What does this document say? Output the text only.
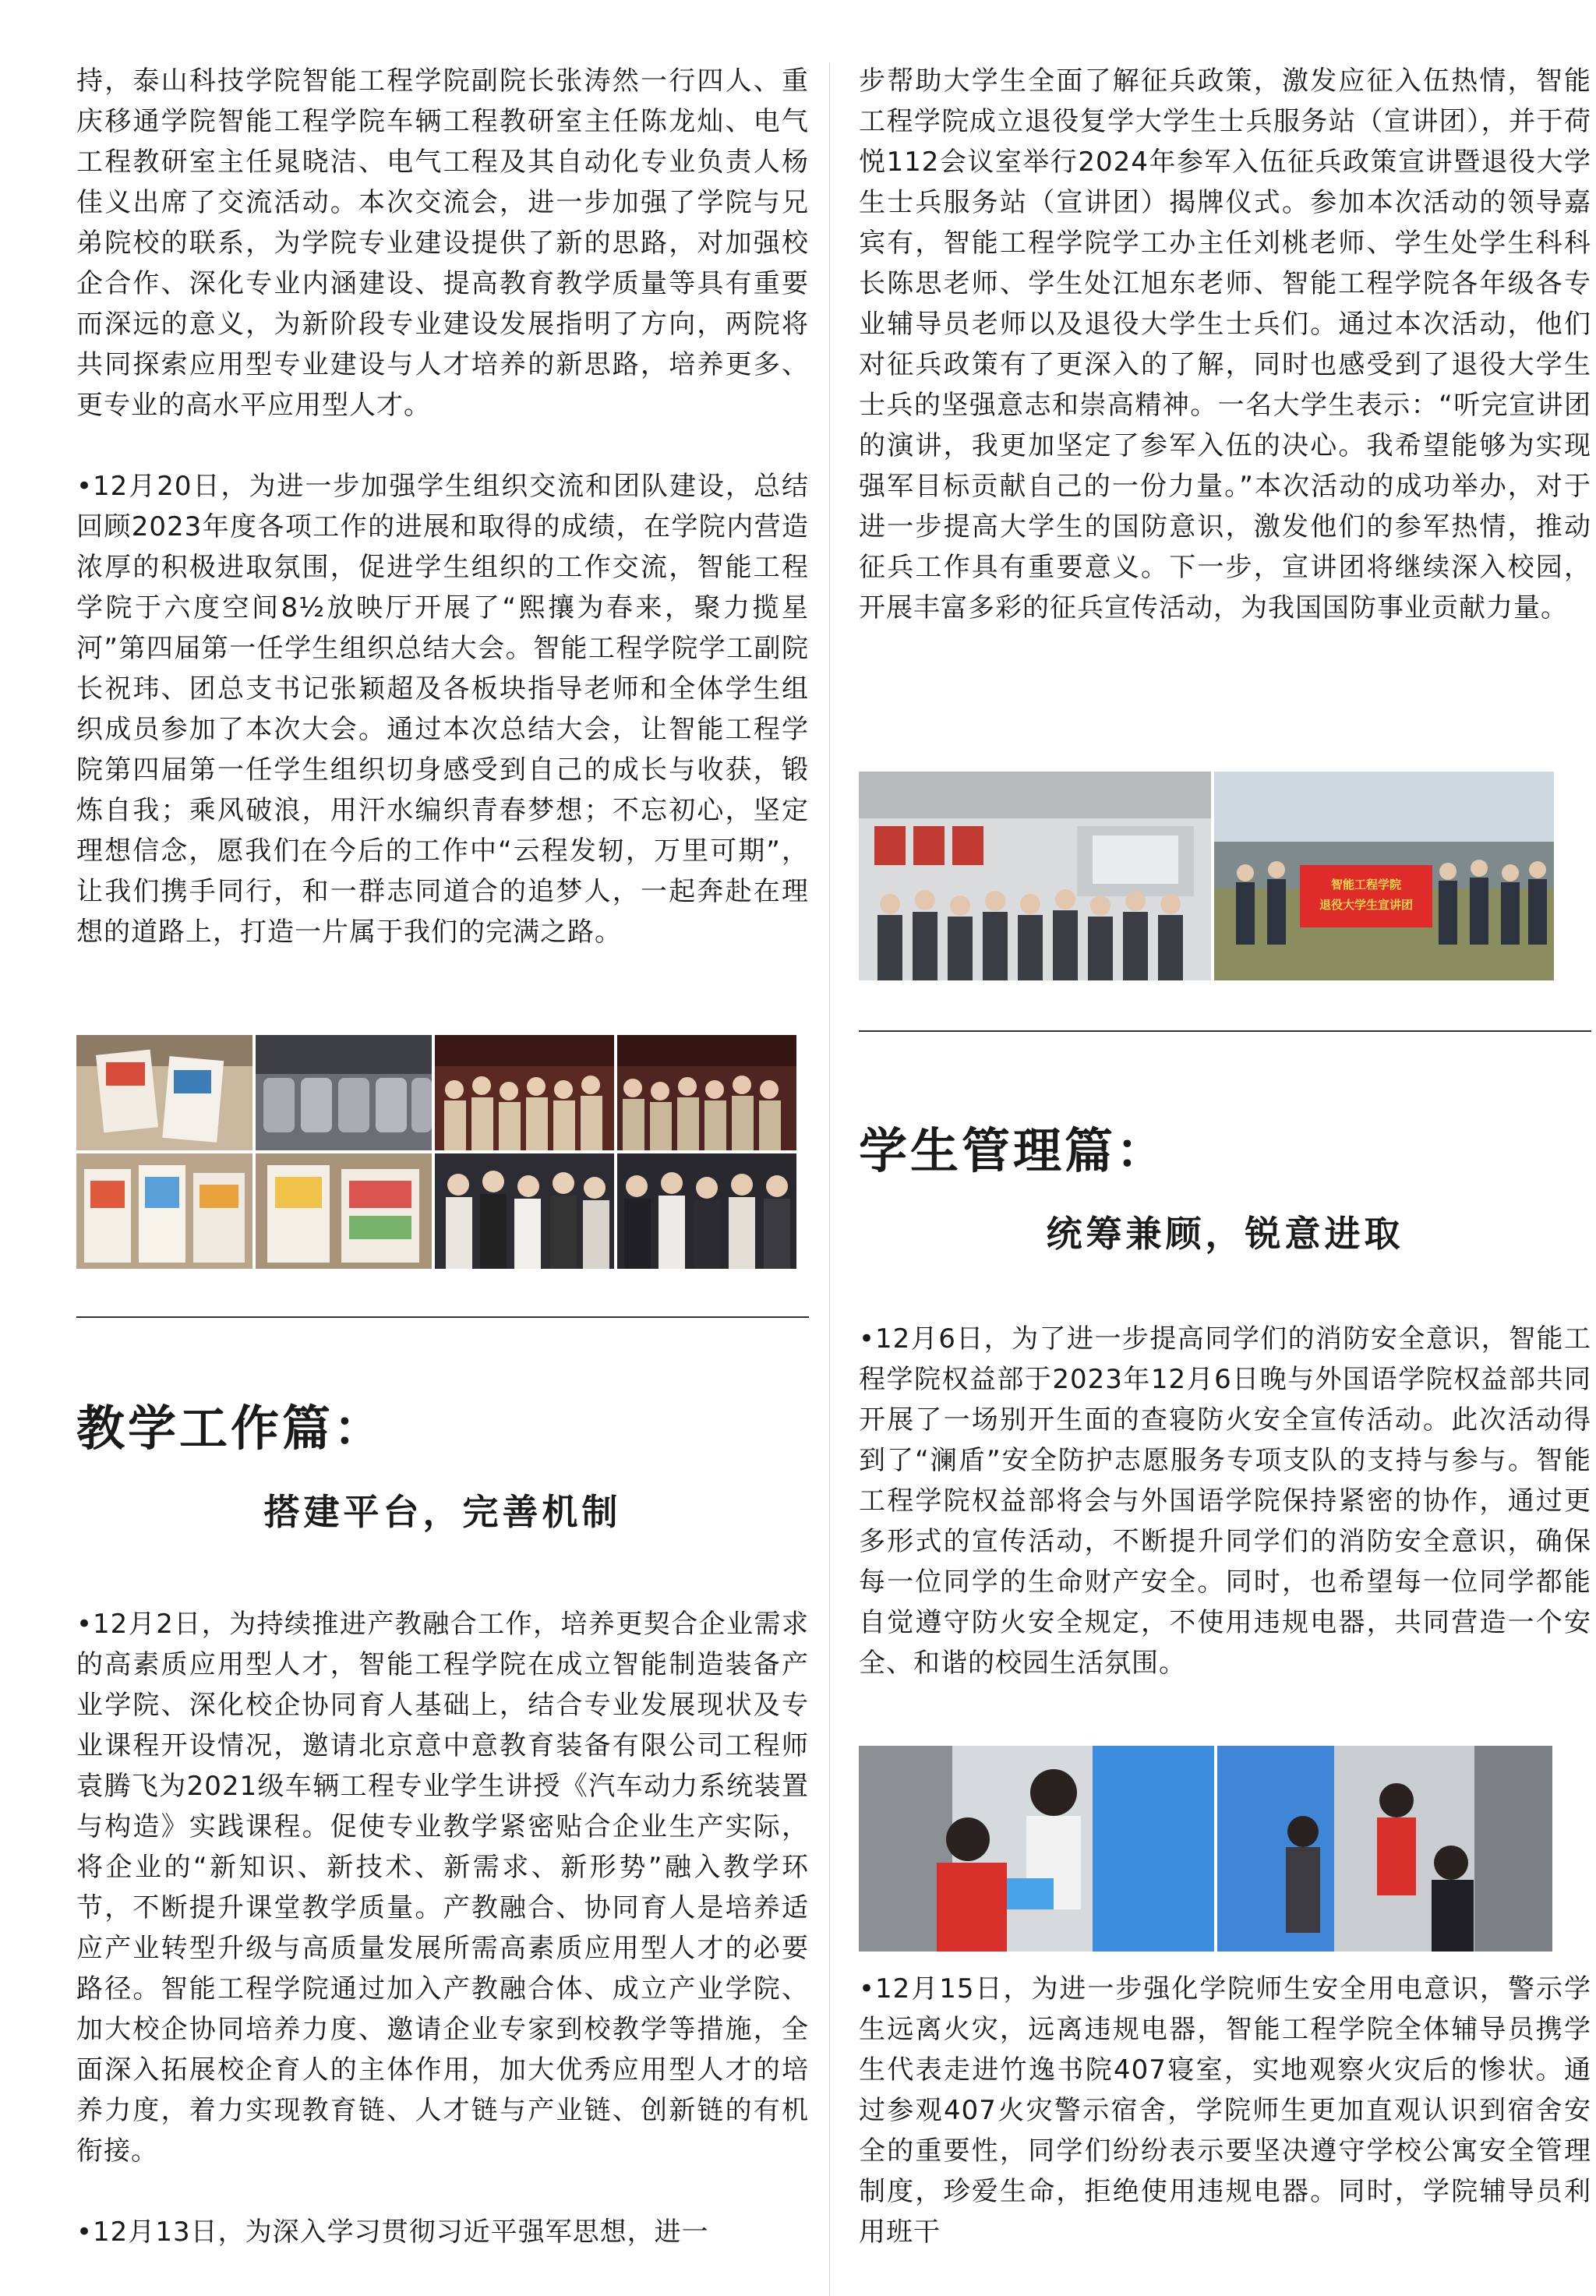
持，泰山科技学院智能工程学院副院长张涛然一行四人、重庆移通学院智能工程学院车辆工程教研室主任陈龙灿、电气工程教研室主任晁晓洁、电气工程及其自动化专业负责人杨佳义出席了交流活动。本次交流会，进一步加强了学院与兄弟院校的联系，为学院专业建设提供了新的思路，对加强校企合作、深化专业内涵建设、提高教育教学质量等具有重要而深远的意义，为新阶段专业建设发展指明了方向，两院将共同探索应用型专业建设与人才培养的新思路，培养更多、更专业的高水平应用型人才。

•12月20日，为进一步加强学生组织交流和团队建设，总结回顾2023年度各项工作的进展和取得的成绩，在学院内营造浓厚的积极进取氛围，促进学生组织的工作交流，智能工程学院于六度空间8½放映厅开展了“熙攘为春来，聚力揽星河”第四届第一任学生组织总结大会。智能工程学院学工副院长祝玮、团总支书记张颖超及各板块指导老师和全体学生组织成员参加了本次大会。通过本次总结大会，让智能工程学院第四届第一任学生组织切身感受到自己的成长与收获，锻炼自我；乘风破浪，用汗水编织青春梦想；不忘初心，坚定理想信念，愿我们在今后的工作中“云程发轫，万里可期”，让我们携手同行，和一群志同道合的追梦人，一起奔赴在理想的道路上，打造一片属于我们的完满之路。

教学工作篇：
搭建平台，完善机制

•12月2日，为持续推进产教融合工作，培养更契合企业需求的高素质应用型人才，智能工程学院在成立智能制造装备产业学院、深化校企协同育人基础上，结合专业发展现状及专业课程开设情况，邀请北京意中意教育装备有限公司工程师袁腾飞为2021级车辆工程专业学生讲授《汽车动力系统装置与构造》实践课程。促使专业教学紧密贴合企业生产实际，将企业的“新知识、新技术、新需求、新形势”融入教学环节，不断提升课堂教学质量。产教融合、协同育人是培养适应产业转型升级与高质量发展所需高素质应用型人才的必要路径。智能工程学院通过加入产教融合体、成立产业学院、加大校企协同培养力度、邀请企业专家到校教学等措施，全面深入拓展校企育人的主体作用，加大优秀应用型人才的培养力度，着力实现教育链、人才链与产业链、创新链的有机衔接。

•12月13日，为深入学习贯彻习近平强军思想，进一

步帮助大学生全面了解征兵政策，激发应征入伍热情，智能工程学院成立退役复学大学生士兵服务站（宣讲团），并于荷悦112会议室举行2024年参军入伍征兵政策宣讲暨退役大学生士兵服务站（宣讲团）揭牌仪式。参加本次活动的领导嘉宾有，智能工程学院学工办主任刘桃老师、学生处学生科科长陈思老师、学生处江旭东老师、智能工程学院各年级各专业辅导员老师以及退役大学生士兵们。通过本次活动，他们对征兵政策有了更深入的了解，同时也感受到了退役大学生士兵的坚强意志和崇高精神。一名大学生表示：“听完宣讲团的演讲，我更加坚定了参军入伍的决心。我希望能够为实现强军目标贡献自己的一份力量。”本次活动的成功举办，对于进一步提高大学生的国防意识，激发他们的参军热情，推动征兵工作具有重要意义。下一步，宣讲团将继续深入校园，开展丰富多彩的征兵宣传活动，为我国国防事业贡献力量。

智能工程学院
退役大学生宣讲团
学生管理篇：
统筹兼顾，锐意进取

•12月6日，为了进一步提高同学们的消防安全意识，智能工程学院权益部于2023年12月6日晚与外国语学院权益部共同开展了一场别开生面的查寝防火安全宣传活动。此次活动得到了“澜盾”安全防护志愿服务专项支队的支持与参与。智能工程学院权益部将会与外国语学院保持紧密的协作，通过更多形式的宣传活动，不断提升同学们的消防安全意识，确保每一位同学的生命财产安全。同时，也希望每一位同学都能自觉遵守防火安全规定，不使用违规电器，共同营造一个安全、和谐的校园生活氛围。

•12月15日，为进一步强化学院师生安全用电意识，警示学生远离火灾，远离违规电器，智能工程学院全体辅导员携学生代表走进竹逸书院407寝室，实地观察火灾后的惨状。通过参观407火灾警示宿舍，学院师生更加直观认识到宿舍安全的重要性，同学们纷纷表示要坚决遵守学校公寓安全管理制度，珍爱生命，拒绝使用违规电器。同时，学院辅导员利用班干
